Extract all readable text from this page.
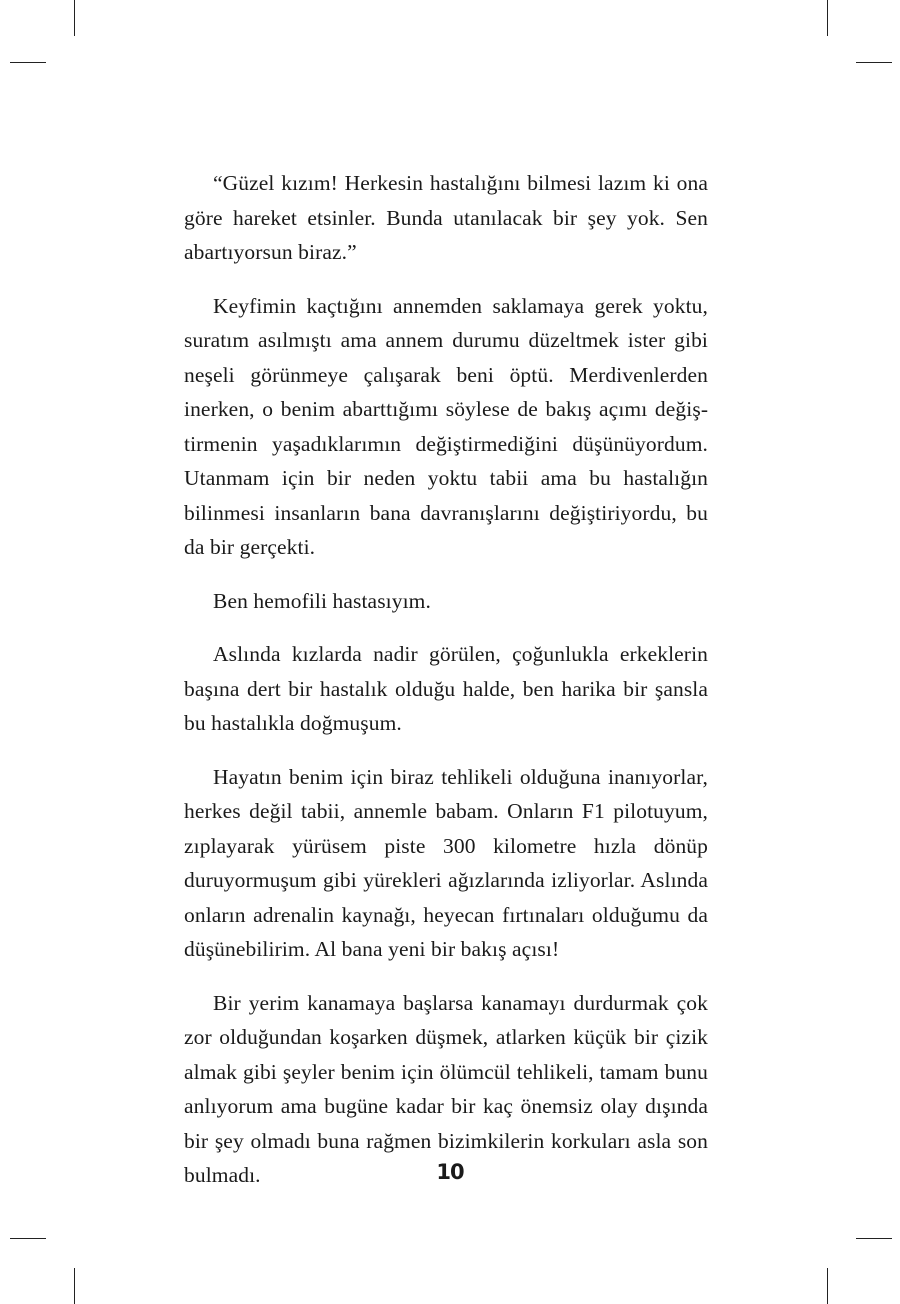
“Güzel kızım! Herkesin hastalığını bilmesi lazım ki ona göre hareket etsinler. Bunda utanılacak bir şey yok. Sen abartıyorsun biraz.”

Keyfimin kaçtığını annemden saklamaya gerek yoktu, suratım asılmıştı ama annem durumu düzeltmek ister gibi neşeli görünmeye çalışarak beni öptü. Merdivenlerden inerken, o benim abarttığımı söylese de bakış açımı değiştirmenin yaşadıklarımın değiştirmediğini düşünüyordum. Utanmam için bir neden yoktu tabii ama bu hastalığın bilinmesi insanların bana davranışlarını değiştiriyordu, bu da bir gerçekti.

Ben hemofili hastasıyım.

Aslında kızlarda nadir görülen, çoğunlukla erkeklerin başına dert bir hastalık olduğu halde, ben harika bir şansla bu hastalıkla doğmuşum.

Hayatın benim için biraz tehlikeli olduğuna inanıyorlar, herkes değil tabii, annemle babam. Onların F1 pilotuyum, zıplayarak yürüsem piste 300 kilometre hızla dönüp duruyormuşum gibi yürekleri ağızlarında izliyorlar. Aslında onların adrenalin kaynağı, heyecan fırtınaları olduğumu da düşünebilirim. Al bana yeni bir bakış açısı!

Bir yerim kanamaya başlarsa kanamayı durdurmak çok zor olduğundan koşarken düşmek, atlarken küçük bir çizik almak gibi şeyler benim için ölümcül tehlikeli, tamam bunu anlıyorum ama bugüne kadar bir kaç önemsiz olay dışında bir şey olmadı buna rağmen bizimkilerin korkuları asla son bulmadı.	10
